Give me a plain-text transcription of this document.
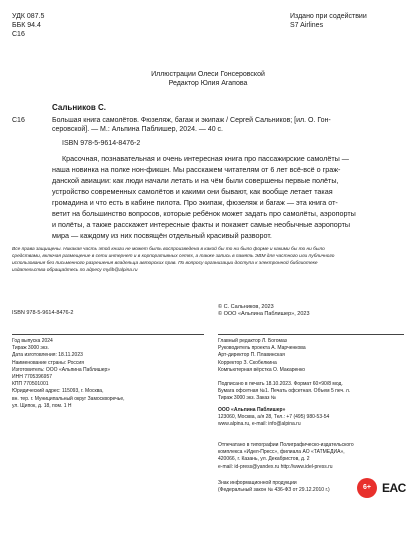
УДК 087.5
ББК 94.4
С16
Издано при содействии
S7 Airlines
Иллюстрации Олеси Гонсеровской
Редактор Юлия Агапова
Сальников С.
С16	Большая книга самолётов. Фюзеляж, багаж и экипаж / Сергей Сальников; [ил. О. Гон-
серовской]. — М.: Альпина Паблишер, 2024. — 40 с.
ISBN 978-5-9614-8476-2
Красочная, познавательная и очень интересная книга про пассажирские самолёты —
наша новинка на полке нон-фикшн. Мы расскажем читателям от 6 лет всё-всё о граж-
данской авиации: как люди начали летать и на чём были совершены первые полёты,
устройство современных самолётов и какими они бывают, как вообще летает такая
громадина и что есть в кабине пилота. Про экипаж, фюзеляж и багаж — эта книга от-
ветит на большинство вопросов, которые ребёнок может задать про самолёты, аэропорты
и полёты, а также расскажет интересные факты и покажет самые необычные аэропорты
мира — каждому из них посвящён отдельный красивый разворот.
Все права защищены. Никакая часть этой книги не может быть воспроизведена в какой бы то ни было форме и какими бы то ни было
средствами, включая размещение в сети интернет и в корпоративных сетях, а также запись в память ЭВМ для частного или публичного
использования без письменного разрешения владельца авторских прав. По вопросу организации доступа к электронной библиотеке
издательства обращайтесь по адресу mylib@alpina.ru
ISBN 978-5-9614-8476-2
© С. Сальников, 2023
© ООО «Альпина Паблишер», 2023
Год выпуска 2024
Тираж 3000 экз.
Дата изготовления: 18.11.2023
Наименование страны: Россия
Изготовитель: ООО «Альпина Паблишер»
ИНН 7705396957
КПП 770501001
Юридический адрес: 115093, г. Москва,
вн. тер. г. Муниципальный округ Замоскворечье,
ул. Щипок, д. 18, пом. 1 Н
Главный редактор Л. Богомаз
Руководитель проекта А. Марченкова
Арт-директор П. Плавинская
Корректор З. Скобелкина
Компьютерная вёрстка О. Макаренко
Подписано в печать 18.10.2023. Формат 60×90/8 мод.
Бумага офсетная №1. Печать офсетная. Объем 5 печ. л.
Тираж 3000 экз. Заказ №
ООО «Альпина Паблишер»
123060, Москва, а/я 28, Тел.: +7 (495) 980-53-54
www.alpina.ru, e-mail: info@alpina.ru
Отпечатано в типографии Полиграфическо-издательского
комплекса «Идел-Пресс», филиала АО «ТАТМЕДИА»,
420066, г. Казань, ул. Декабристов, д. 2
e-mail: id-press@yandex.ru http://www.idel-press.ru
Знак информационной продукции
(Федеральный закон № 436-ФЗ от 29.12.2010 г.)	6+ EAC
